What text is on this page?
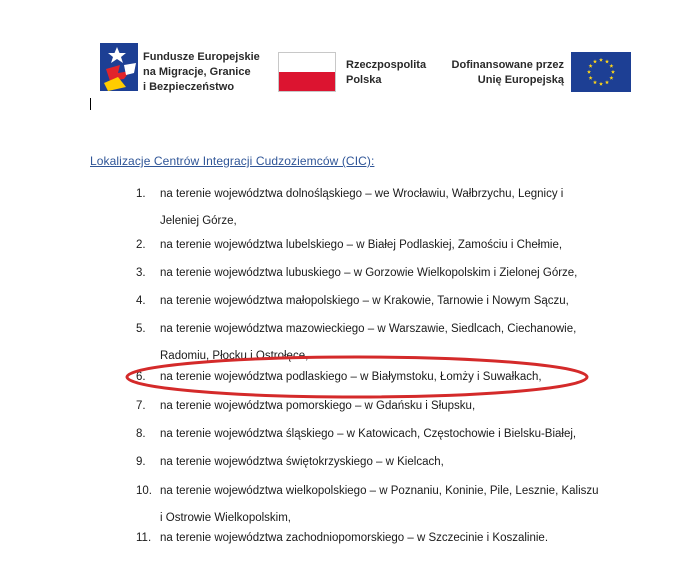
Fundusze Europejskie
na Migracje, Granice
i Bezpieczeństwo
Rzeczpospolita
Polska
Dofinansowane przez
Unię Europejską
Lokalizacje Centrów Integracji Cudzoziemców (CIC):
1.	na terenie województwa dolnośląskiego – we Wrocławiu, Wałbrzychu, Legnicy i
Jeleniej Górze,
2.	na terenie województwa lubelskiego – w Białej Podlaskiej, Zamościu i Chełmie,
3.	na terenie województwa lubuskiego – w Gorzowie Wielkopolskim i Zielonej Górze,
4.	na terenie województwa małopolskiego – w Krakowie, Tarnowie i Nowym Sączu,
5.	na terenie województwa mazowieckiego – w Warszawie, Siedlcach, Ciechanowie,
Radomiu, Płocku i Ostrołęce,
6.	na terenie województwa podlaskiego – w Białymstoku, Łomży i Suwałkach,
7.	na terenie województwa pomorskiego – w Gdańsku i Słupsku,
8.	na terenie województwa śląskiego – w Katowicach, Częstochowie i Bielsku-Białej,
9.	na terenie województwa świętokrzyskiego – w Kielcach,
10. na terenie województwa wielkopolskiego – w Poznaniu, Koninie, Pile, Lesznie, Kaliszu
i Ostrowie Wielkopolskim,
11. na terenie województwa zachodniopomorskiego – w Szczecinie i Koszalinie.
